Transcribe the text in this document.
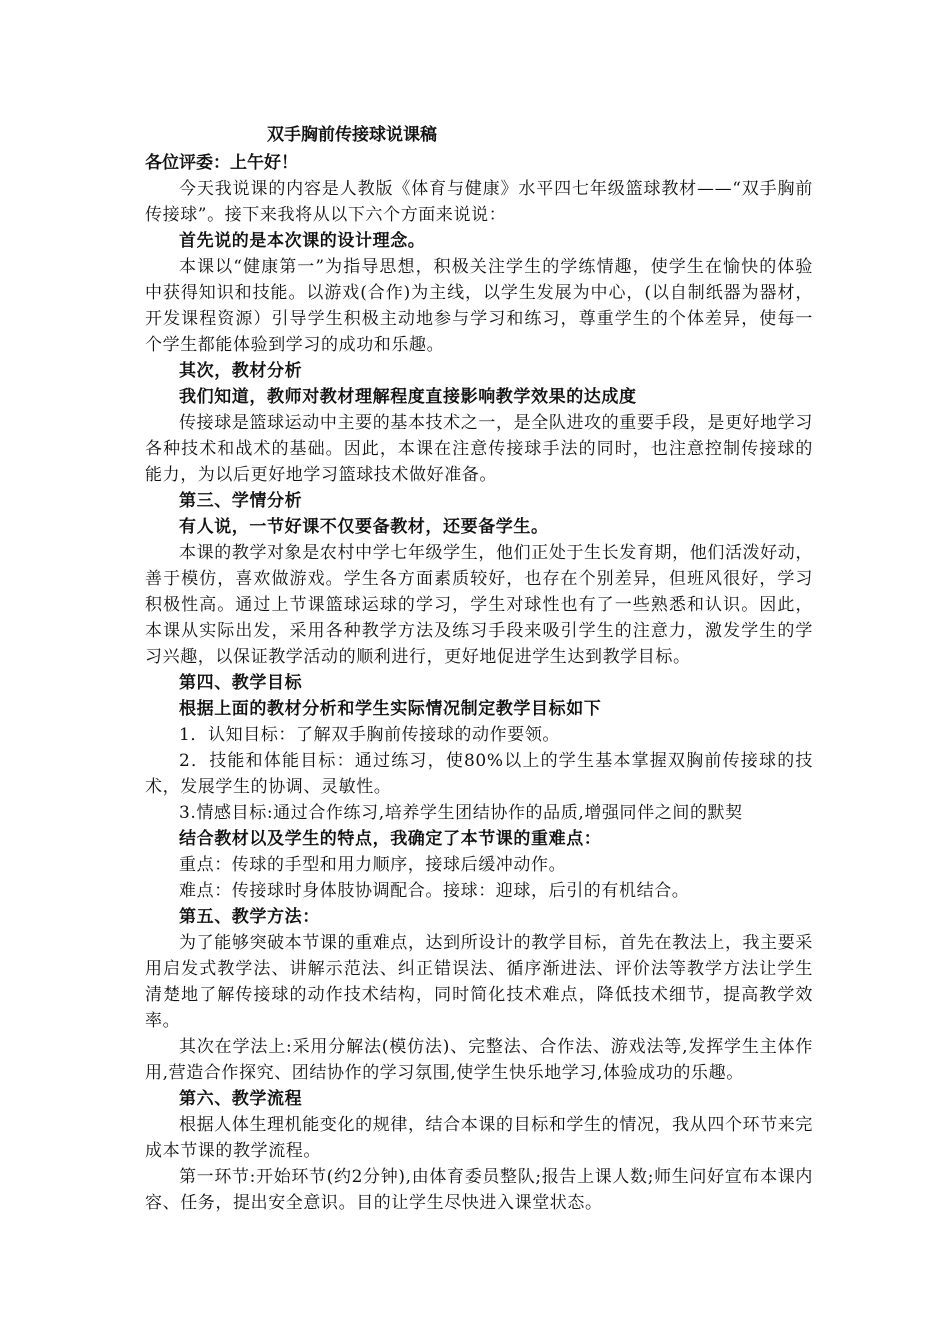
双手胸前传接球说课稿
各位评委：上午好！
今天我说课的内容是人教版《体育与健康》水平四七年级篮球教材——“双手胸前传接球”。接下来我将从以下六个方面来说说：
首先说的是本次课的设计理念。
本课以“健康第一”为指导思想，积极关注学生的学练情趣，使学生在愉快的体验中获得知识和技能。以游戏(合作)为主线，以学生发展为中心，(以自制纸器为器材，开发课程资源）引导学生积极主动地参与学习和练习，尊重学生的个体差异，使每一个学生都能体验到学习的成功和乐趣。
其次，教材分析
我们知道，教师对教材理解程度直接影响教学效果的达成度
传接球是篮球运动中主要的基本技术之一，是全队进攻的重要手段，是更好地学习各种技术和战术的基础。因此，本课在注意传接球手法的同时，也注意控制传接球的能力，为以后更好地学习篮球技术做好准备。
第三、学情分析
有人说，一节好课不仅要备教材，还要备学生。
本课的教学对象是农村中学七年级学生，他们正处于生长发育期，他们活泼好动，善于模仿，喜欢做游戏。学生各方面素质较好，也存在个别差异，但班风很好，学习积极性高。通过上节课篮球运球的学习，学生对球性也有了一些熟悉和认识。因此，本课从实际出发，采用各种教学方法及练习手段来吸引学生的注意力，激发学生的学习兴趣，以保证教学活动的顺利进行，更好地促进学生达到教学目标。
第四、教学目标
根据上面的教材分析和学生实际情况制定教学目标如下
1．认知目标：了解双手胸前传接球的动作要领。
2．技能和体能目标：通过练习，使80%以上的学生基本掌握双胸前传接球的技术，发展学生的协调、灵敏性。
3.情感目标:通过合作练习,培养学生团结协作的品质,增强同伴之间的默契
结合教材以及学生的特点，我确定了本节课的重难点：
重点：传球的手型和用力顺序，接球后缓冲动作。
难点：传接球时身体肢协调配合。接球：迎球，后引的有机结合。
第五、教学方法：
为了能够突破本节课的重难点，达到所设计的教学目标，首先在教法上，我主要采用启发式教学法、讲解示范法、纠正错误法、循序渐进法、评价法等教学方法让学生清楚地了解传接球的动作技术结构，同时简化技术难点，降低技术细节，提高教学效率。
其次在学法上:采用分解法(模仿法)、完整法、合作法、游戏法等,发挥学生主体作用,营造合作探究、团结协作的学习氛围,使学生快乐地学习,体验成功的乐趣。
第六、教学流程
根据人体生理机能变化的规律，结合本课的目标和学生的情况，我从四个环节来完成本节课的教学流程。
第一环节:开始环节(约2分钟),由体育委员整队;报告上课人数;师生问好宣布本课内容、任务，提出安全意识。目的让学生尽快进入课堂状态。
